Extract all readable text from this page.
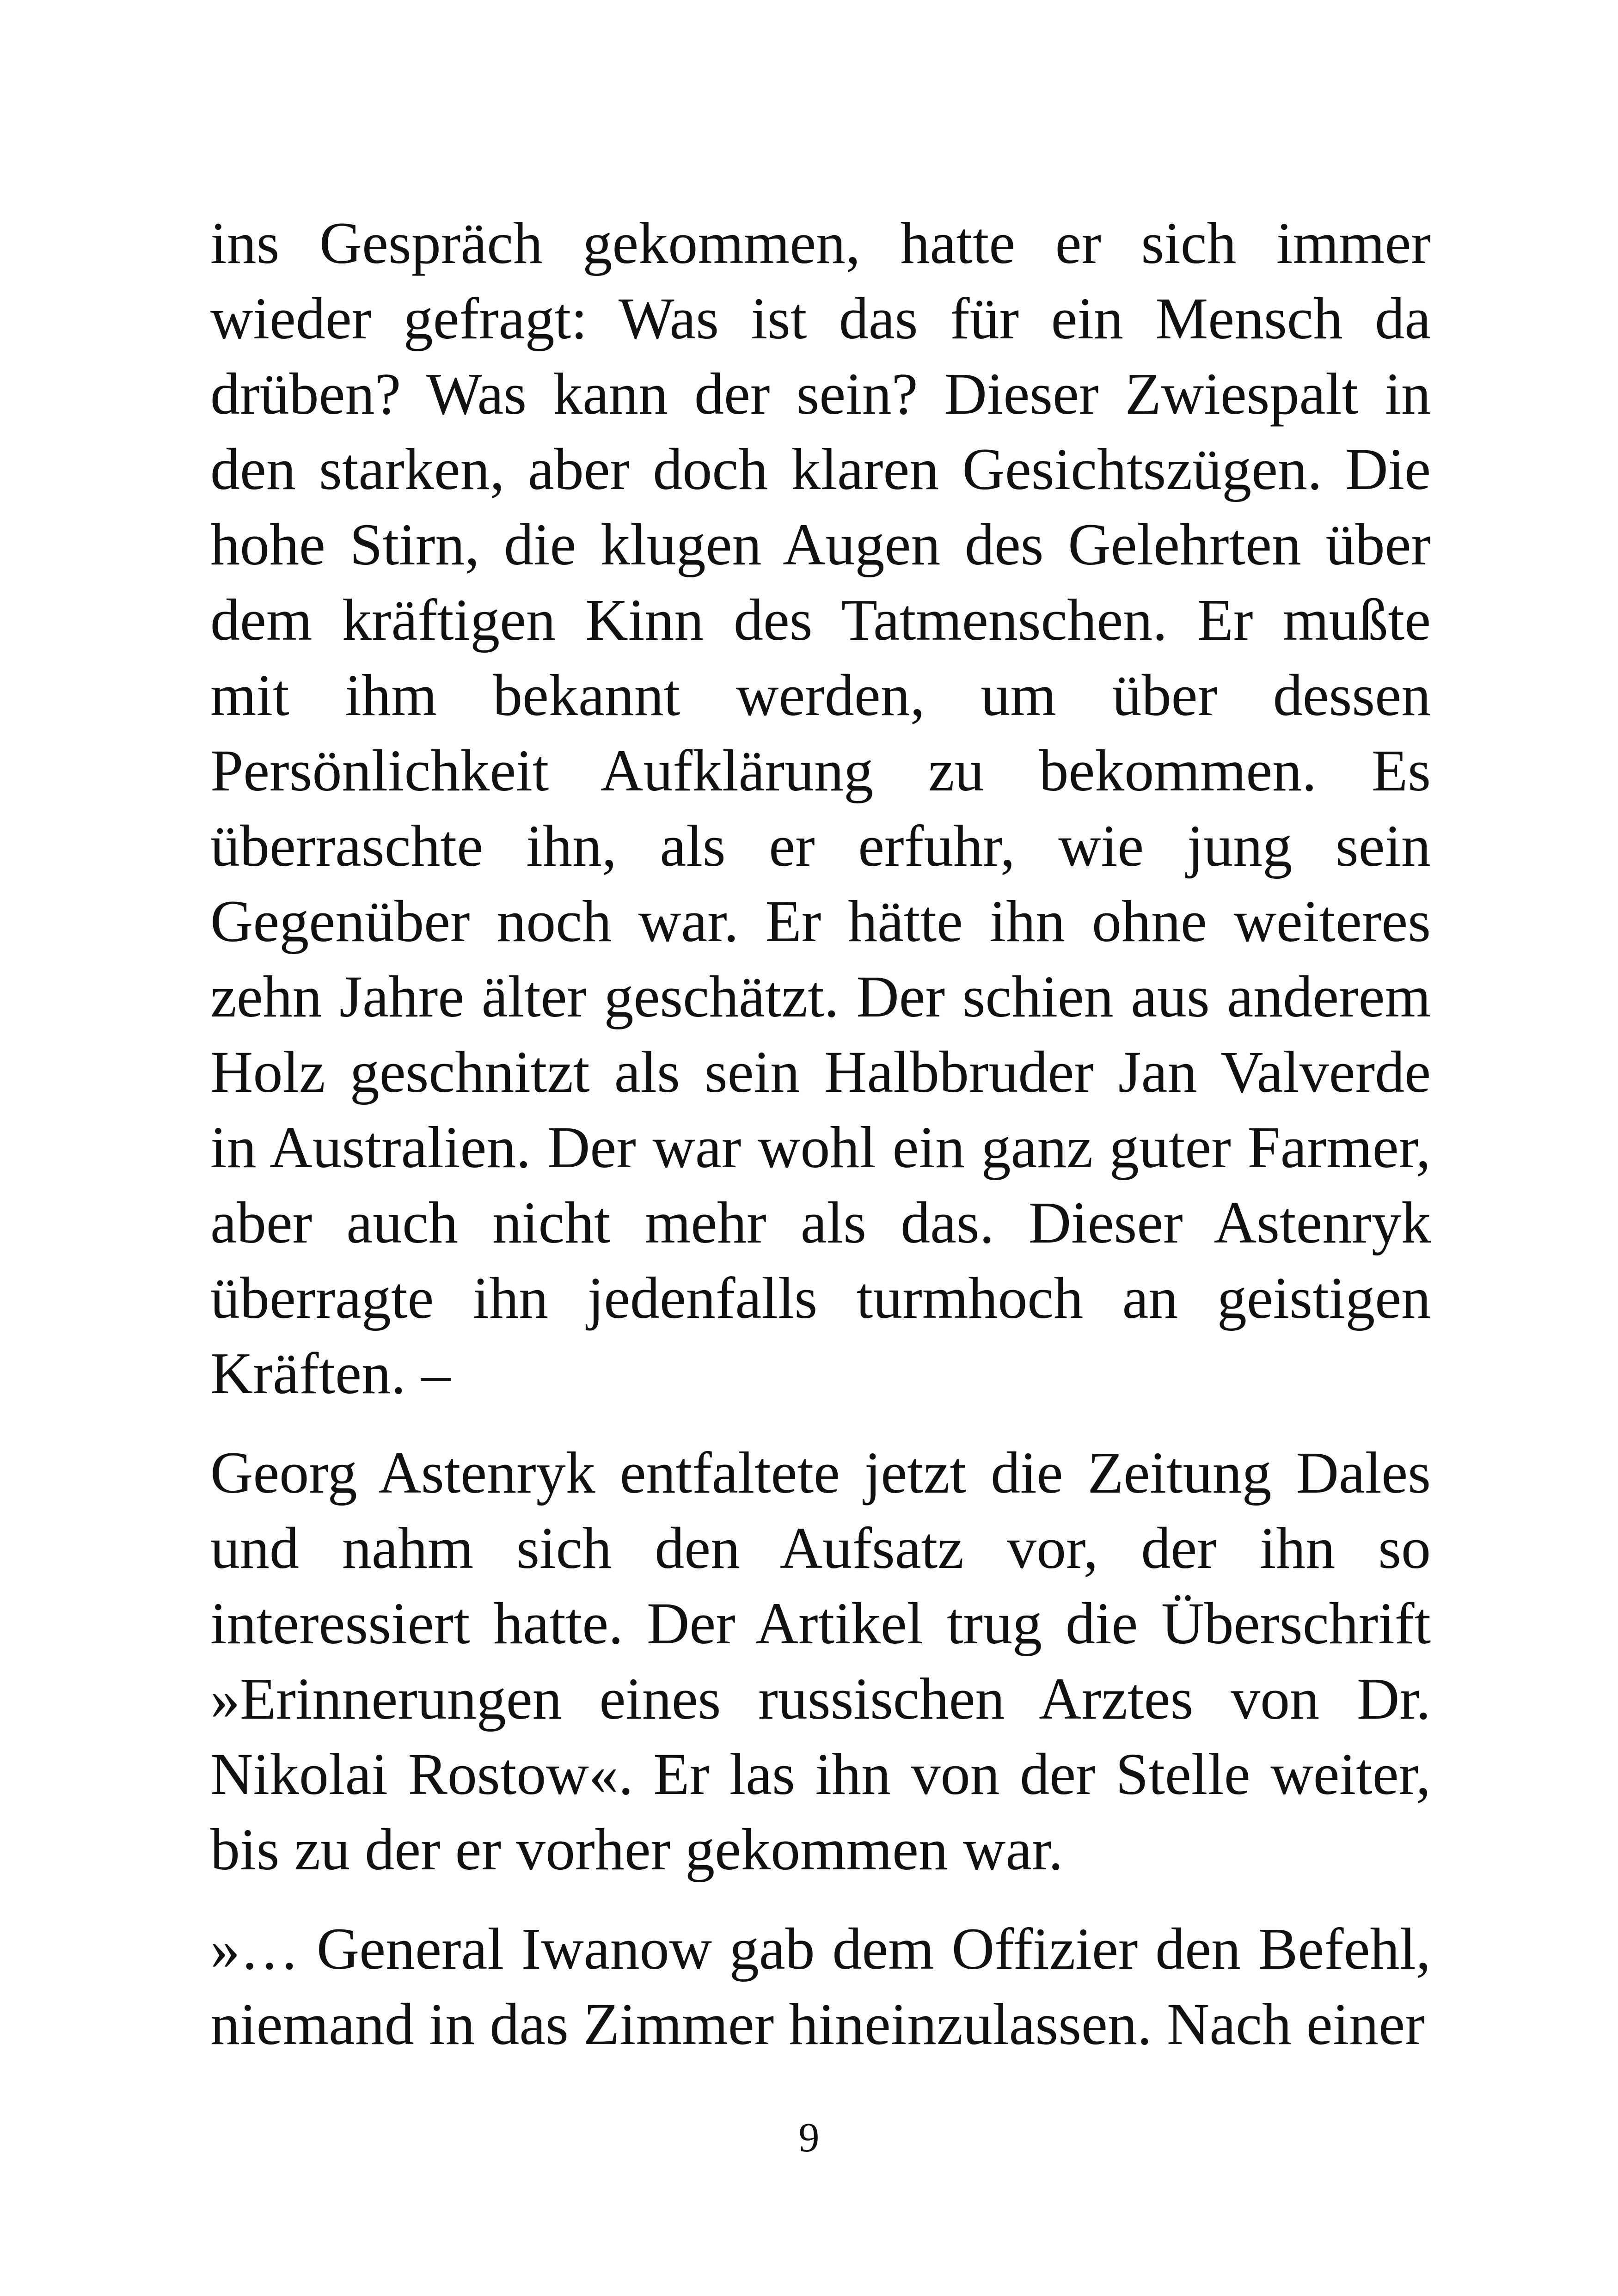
ins Gespräch gekommen, hatte er sich immer wieder gefragt: Was ist das für ein Mensch da drüben? Was kann der sein? Dieser Zwiespalt in den starken, aber doch klaren Gesichtszügen. Die hohe Stirn, die klugen Augen des Gelehrten über dem kräftigen Kinn des Tatmenschen. Er mußte mit ihm bekannt werden, um über dessen Persönlichkeit Aufklärung zu bekommen. Es überraschte ihn, als er erfuhr, wie jung sein Gegenüber noch war. Er hätte ihn ohne weiteres zehn Jahre älter geschätzt. Der schien aus anderem Holz geschnitzt als sein Halbbruder Jan Valverde in Australien. Der war wohl ein ganz guter Farmer, aber auch nicht mehr als das. Dieser Astenryk überragte ihn jedenfalls turmhoch an geistigen Kräften. –

Georg Astenryk entfaltete jetzt die Zeitung Dales und nahm sich den Aufsatz vor, der ihn so interessiert hatte. Der Artikel trug die Überschrift »Erinnerungen eines russischen Arztes von Dr. Nikolai Rostow«. Er las ihn von der Stelle weiter, bis zu der er vorher gekommen war.

»… General Iwanow gab dem Offizier den Befehl, niemand in das Zimmer hineinzulassen. Nach einer

9
